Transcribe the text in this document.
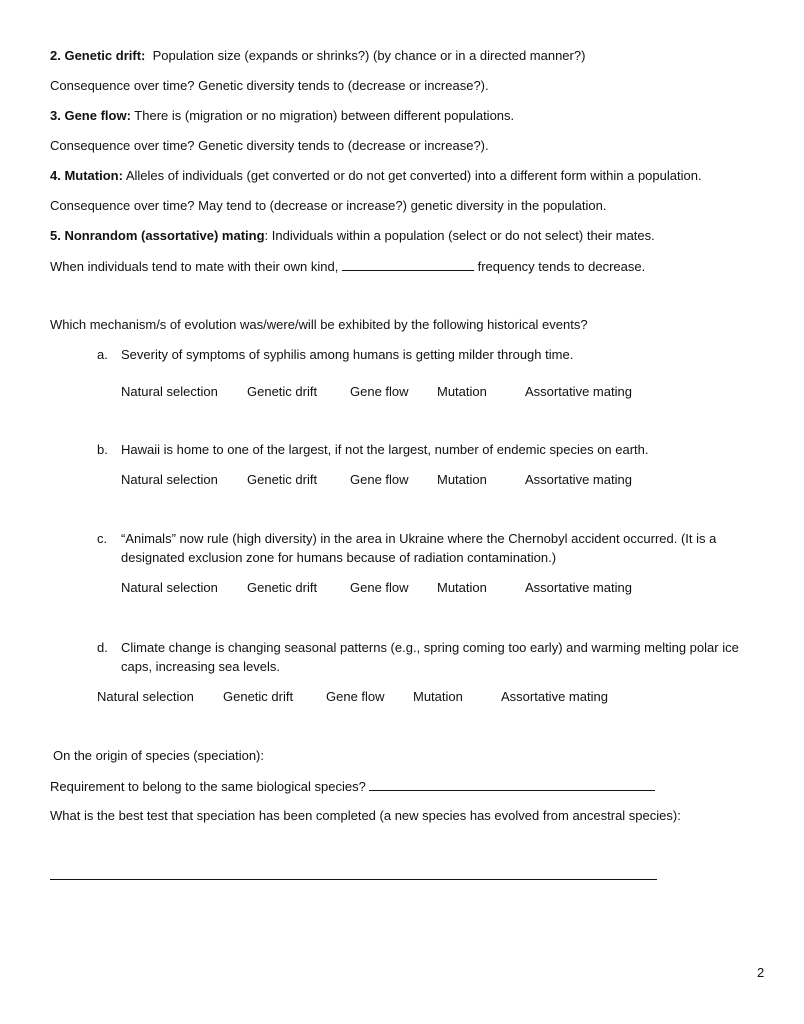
2. Genetic drift: Population size (expands or shrinks?) (by chance or in a directed manner?)
Consequence over time? Genetic diversity tends to (decrease or increase?).
3. Gene flow: There is (migration or no migration) between different populations.
Consequence over time? Genetic diversity tends to (decrease or increase?).
4. Mutation: Alleles of individuals (get converted or do not get converted) into a different form within a population.
Consequence over time? May tend to (decrease or increase?) genetic diversity in the population.
5. Nonrandom (assortative) mating: Individuals within a population (select or do not select) their mates.
When individuals tend to mate with their own kind,	frequency tends to decrease.
Which mechanism/s of evolution was/were/will be exhibited by the following historical events?
a. Severity of symptoms of syphilis among humans is getting milder through time.
Natural selection Genetic drift	Gene flow Mutation	Assortative mating
b. Hawaii is home to one of the largest, if not the largest, number of endemic species on earth.
Natural selection Genetic drift	Gene flow Mutation	Assortative mating
c.	“Animals” now rule (high diversity) in the area in Ukraine where the Chernobyl accident occurred. (It is a designated exclusion zone for humans because of radiation contamination.)
Natural selection Genetic drift	Gene flow Mutation	Assortative mating
d.	Climate change is changing seasonal patterns (e.g., spring coming too early) and warming melting polar ice caps, increasing sea levels.
Natural selection Genetic drift	Gene flow Mutation	Assortative mating
On the origin of species (speciation):
Requirement to belong to the same biological species?
What is the best test that speciation has been completed (a new species has evolved from ancestral species):
2
